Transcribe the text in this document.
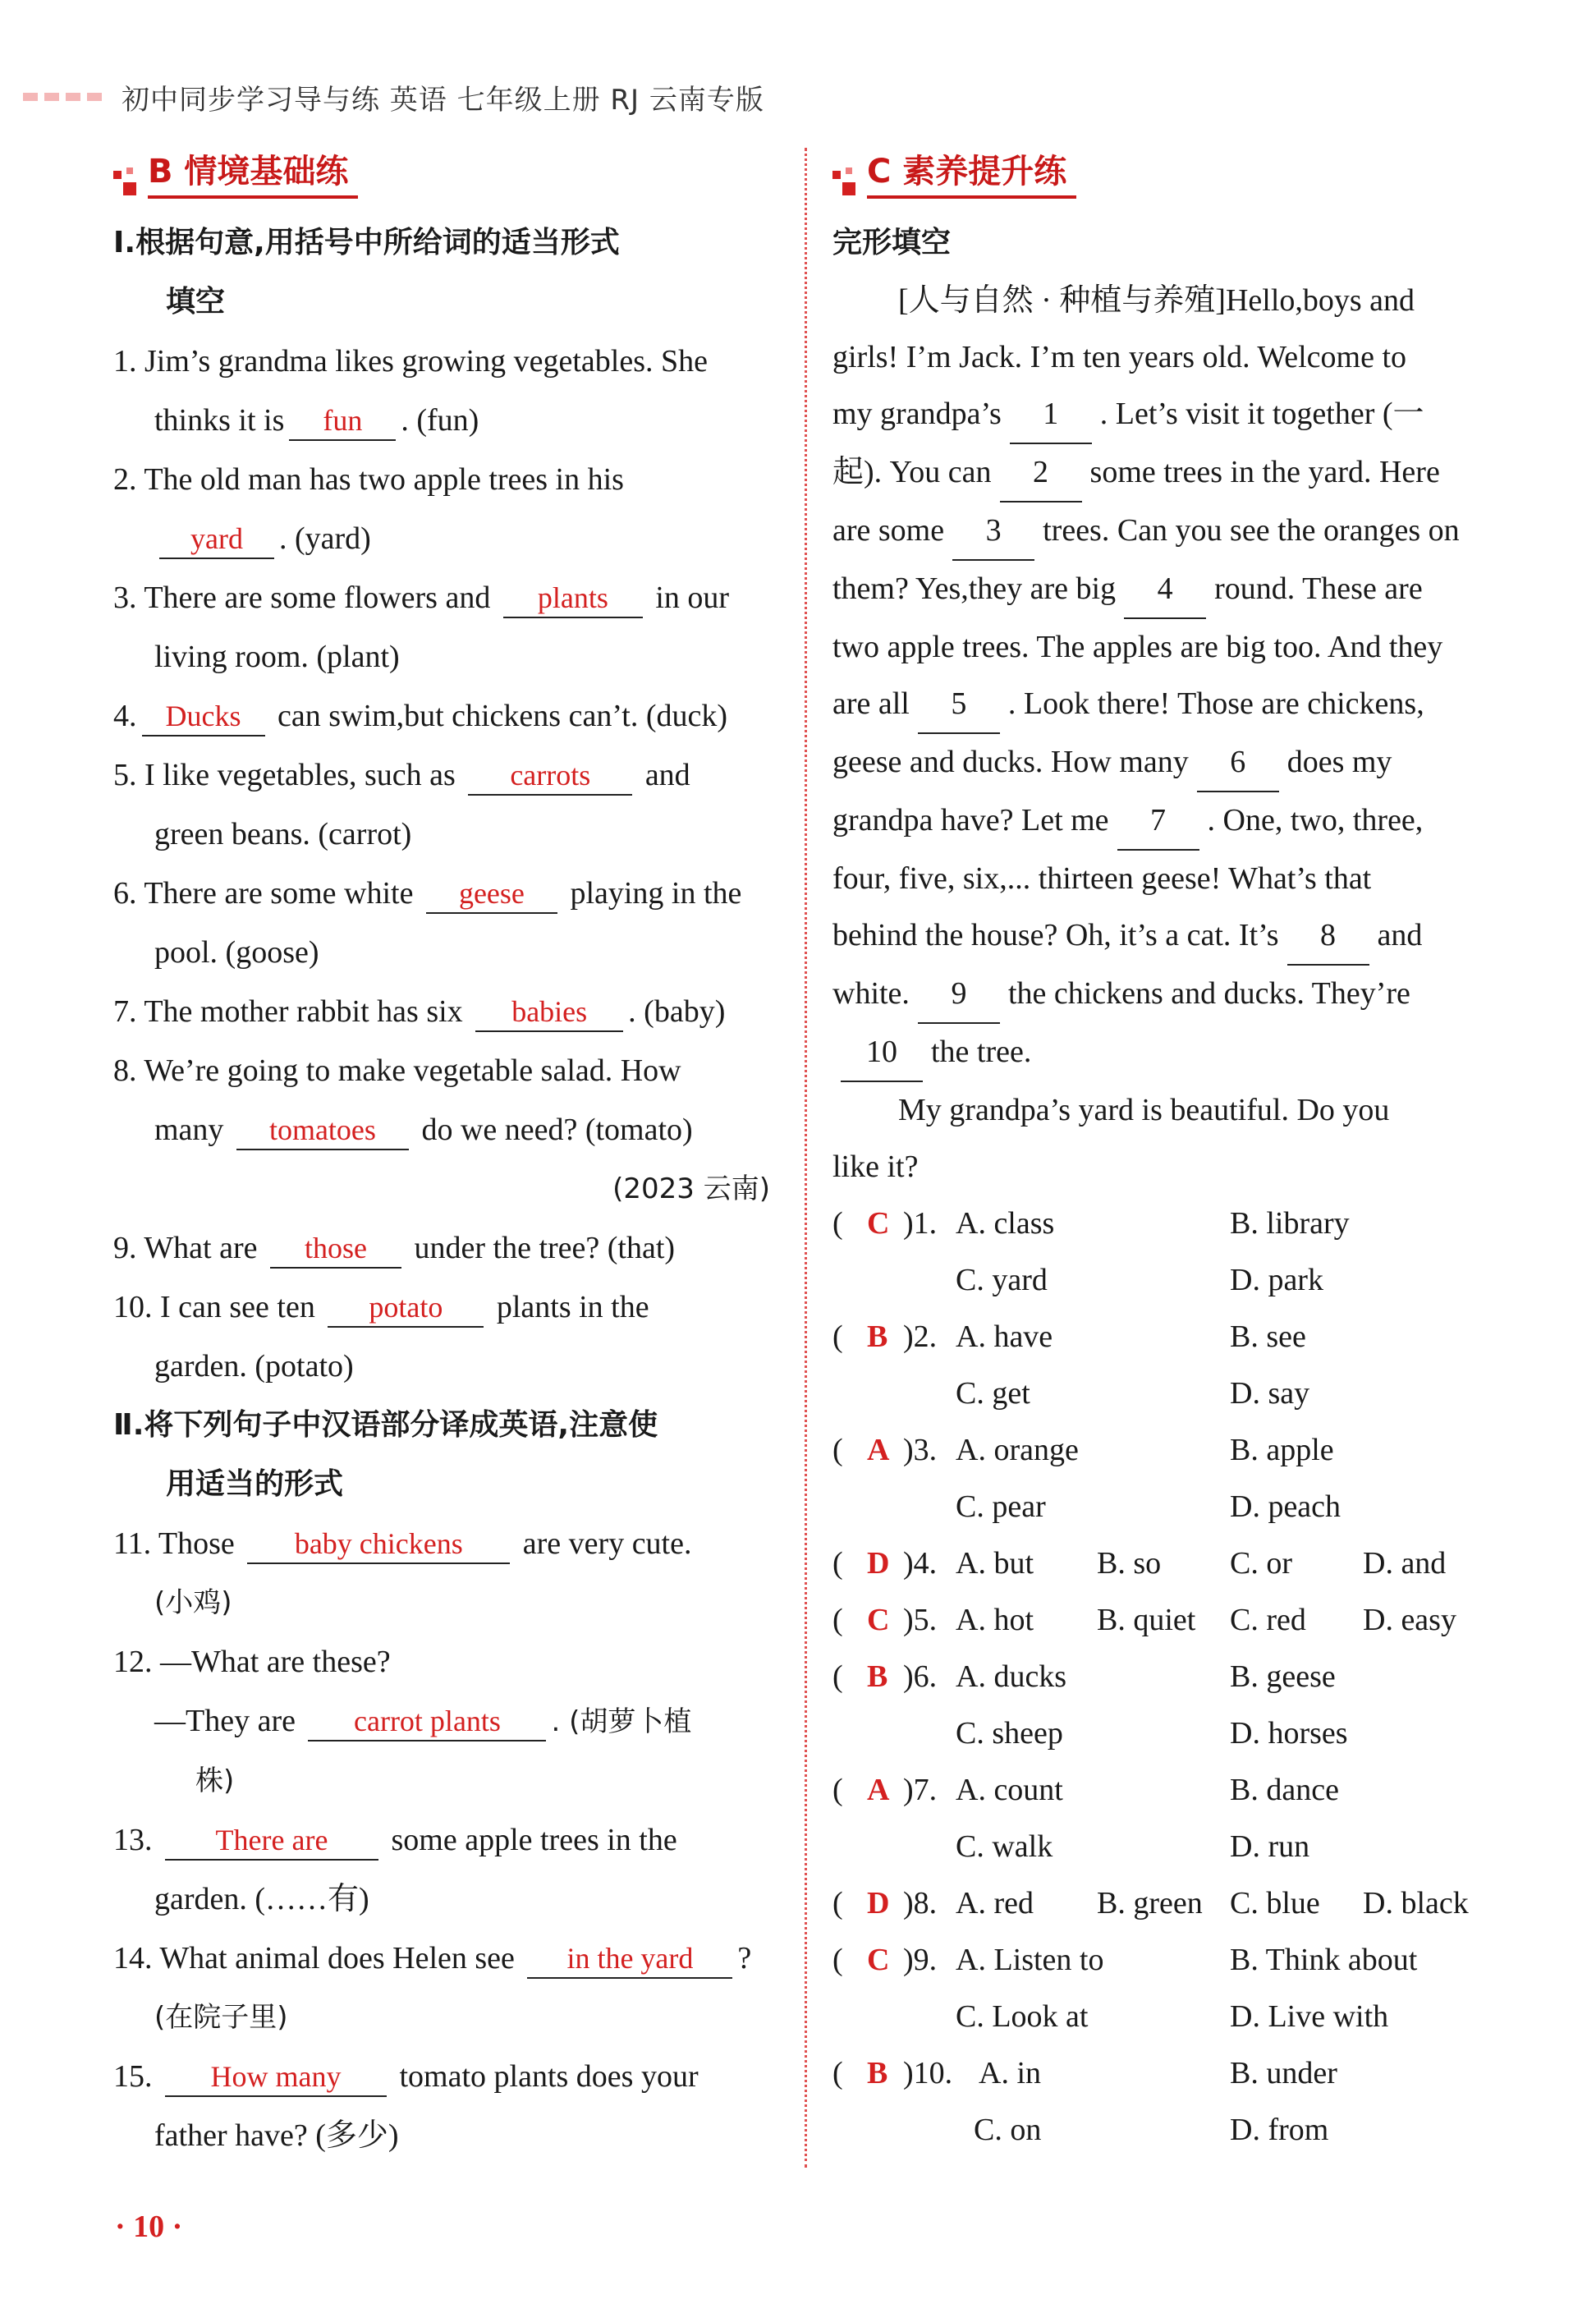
初中同步学习导与练 英语 七年级上册 RJ 云南专版
B 情境基础练
Ⅰ.根据句意,用括号中所给词的适当形式
填空
1. Jim’s grandma likes growing vegetables. She
thinks it is fun . (fun)
2. The old man has two apple trees in his
yard . (yard)
3. There are some flowers and plants in our
living room. (plant)
4. Ducks can swim,but chickens can’t. (duck)
5. I like vegetables, such as carrots and
green beans. (carrot)
6. There are some white geese playing in the
pool. (goose)
7. The mother rabbit has six babies . (baby)
8. We’re going to make vegetable salad. How
many tomatoes do we need? (tomato)
(2023 云南)
9. What are those under the tree? (that)
10. I can see ten potato plants in the
garden. (potato)
Ⅱ.将下列句子中汉语部分译成英语,注意使
用适当的形式
11. Those baby chickens are very cute.
(小鸡)
12. —What are these?
—They are carrot plants . (胡萝卜植
株)
13. There are some apple trees in the
garden. (……有)
14. What animal does Helen see in the yard ?
(在院子里)
15. How many tomato plants does your
father have? (多少)
C 素养提升练
完形填空
[人与自然 · 种植与养殖]Hello,boys and
girls! I’m Jack. I’m ten years old. Welcome to
my grandpa’s 1 . Let’s visit it together (一
起). You can 2 some trees in the yard. Here
are some 3 trees. Can you see the oranges on
them? Yes,they are big 4 round. These are
two apple trees. The apples are big too. And they
are all 5 . Look there! Those are chickens,
geese and ducks. How many 6 does my
grandpa have? Let me 7 . One, two, three,
four, five, six,... thirteen geese! What’s that
behind the house? Oh, it’s a cat. It’s 8 and
white. 9 the chickens and ducks. They’re
10 the tree.
My grandpa’s yard is beautiful. Do you
like it?
( C )1. A. class	B. library
C. yard	D. park
( B )2. A. have	B. see
C. get	D. say
( A )3. A. orange	B. apple
C. pear	D. peach
( D )4. A. but B. so C. or D. and
( C )5. A. hot B. quiet C. red D. easy
( B )6. A. ducks	B. geese
C. sheep	D. horses
( A )7. A. count	B. dance
C. walk	D. run
( D )8. A. red B. green C. blue D. black
( C )9. A. Listen to	B. Think about
C. Look at	D. Live with
( B )10. A. in	B. under
C. on	D. from
· 10 ·
